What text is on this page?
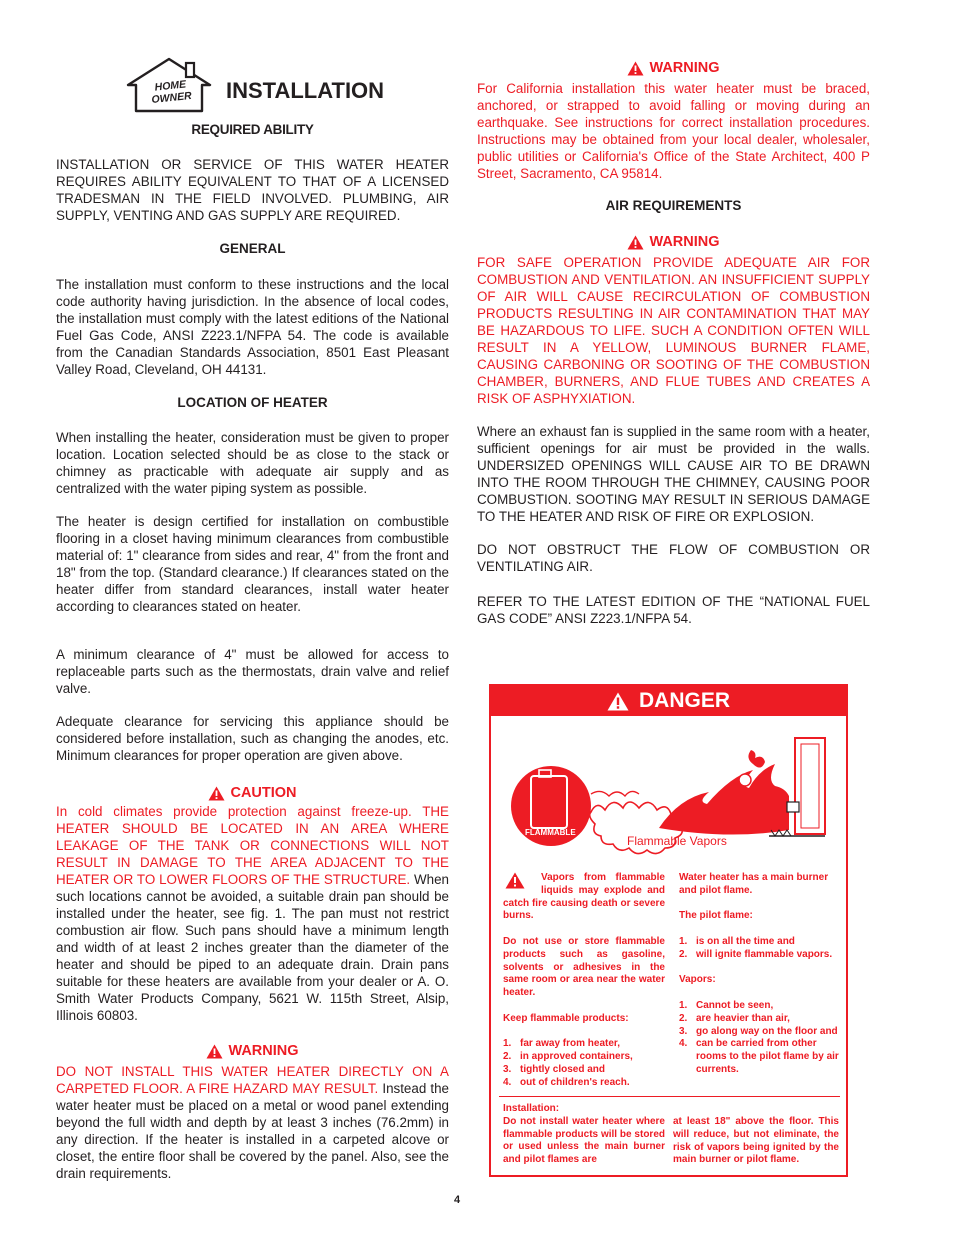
HOME
OWNER	INSTALLATION

REQUIRED ABILITY

INSTALLATION OR SERVICE OF THIS WATER HEATER REQUIRES ABILITY EQUIVALENT TO THAT OF A LICENSED TRADESMAN IN THE FIELD INVOLVED. PLUMBING, AIR SUPPLY, VENTING AND GAS SUPPLY ARE REQUIRED.

GENERAL

The installation must conform to these instructions and the local code authority having jurisdiction. In the absence of local codes, the installation must comply with the latest editions of the National Fuel Gas Code, ANSI Z223.1/NFPA 54. The code is available from the Canadian Standards Association, 8501 East Pleasant Valley Road, Cleveland, OH 44131.

LOCATION OF HEATER

When installing the heater, consideration must be given to proper location. Location selected should be as close to the stack or chimney as practicable with adequate air supply and as centralized with the water piping system as possible.

The heater is design certified for installation on combustible flooring in a closet having minimum clearances from combustible material of: 1" clearance from sides and rear, 4" from the front and 18" from the top. (Standard clearance.) If clearances stated on the heater differ from standard clearances, install water heater according to clearances stated on heater.

A minimum clearance of 4" must be allowed for access to replaceable parts such as the thermostats, drain valve and relief valve.

Adequate clearance for servicing this appliance should be considered before installation, such as changing the anodes, etc. Minimum clearances for proper operation are given above.

CAUTION

In cold climates provide protection against freeze-up. THE HEATER SHOULD BE LOCATED IN AN AREA WHERE LEAKAGE OF THE TANK OR CONNECTIONS WILL NOT RESULT IN DAMAGE TO THE AREA ADJACENT TO THE HEATER OR TO LOWER FLOORS OF THE STRUCTURE. When such locations cannot be avoided, a suitable drain pan should be installed under the heater, see fig. 1. The pan must not restrict combustion air flow. Such pans should have a minimum length and width of at least 2 inches greater than the diameter of the heater and should be piped to an adequate drain. Drain pans suitable for these heaters are available from your dealer or A. O. Smith Water Products Company, 5621 W. 115th Street, Alsip, Illinois 60803.

WARNING

DO NOT INSTALL THIS WATER HEATER DIRECTLY ON A CARPETED FLOOR. A FIRE HAZARD MAY RESULT. Instead the water heater must be placed on a metal or wood panel extending beyond the full width and depth by at least 3 inches (76.2mm) in any direction. If the heater is installed in a carpeted alcove or closet, the entire floor shall be covered by the panel. Also, see the drain requirements.

WARNING

For California installation this water heater must be braced, anchored, or strapped to avoid falling or moving during an earthquake. See instructions for correct installation procedures. Instructions may be obtained from your local dealer, wholesaler, public utilities or California's Office of the State Architect, 400 P Street, Sacramento, CA 95814.

AIR REQUIREMENTS

WARNING

FOR SAFE OPERATION PROVIDE ADEQUATE AIR FOR COMBUSTION AND VENTILATION. AN INSUFFICIENT SUPPLY OF AIR WILL CAUSE RECIRCULATION OF COMBUSTION PRODUCTS RESULTING IN AIR CONTAMINATION THAT MAY BE HAZARDOUS TO LIFE. SUCH A CONDITION OFTEN WILL RESULT IN A YELLOW, LUMINOUS BURNER FLAME, CAUSING CARBONING OR SOOTING OF THE COMBUSTION CHAMBER, BURNERS, AND FLUE TUBES AND CREATES A RISK OF ASPHYXIATION.

Where an exhaust fan is supplied in the same room with a heater, sufficient openings for air must be provided in the walls. UNDERSIZED OPENINGS WILL CAUSE AIR TO BE DRAWN INTO THE ROOM THROUGH THE CHIMNEY, CAUSING POOR COMBUSTION. SOOTING MAY RESULT IN SERIOUS DAMAGE TO THE HEATER AND RISK OF FIRE OR EXPLOSION.

DO NOT OBSTRUCT THE FLOW OF COMBUSTION OR VENTILATING AIR.

REFER TO THE LATEST EDITION OF THE “NATIONAL FUEL GAS CODE” ANSI Z223.1/NFPA 54.

DANGER
FLAMMABLE
Flammable Vapors

Vapors from flammable liquids may explode and catch fire causing death or severe burns.

Do not use or store flammable products such as gasoline, solvents or adhesives in the same room or area near the water heater.

Keep flammable products:

1. far away from heater,
2. in approved containers,
3. tightly closed and
4. out of children's reach.

Water heater has a main burner and pilot flame.

The pilot flame:

1. is on all the time and
2. will ignite flammable vapors.

Vapors:

1. Cannot be seen,
2. are heavier than air,
3. go along way on the floor and
4. can be carried from other rooms to the pilot flame by air currents.

Installation:

Do not install water heater where flammable products will be stored or used unless the main burner and pilot flames are

at least 18" above the floor. This will reduce, but not eliminate, the risk of vapors being ignited by the main burner or pilot flame.

4
